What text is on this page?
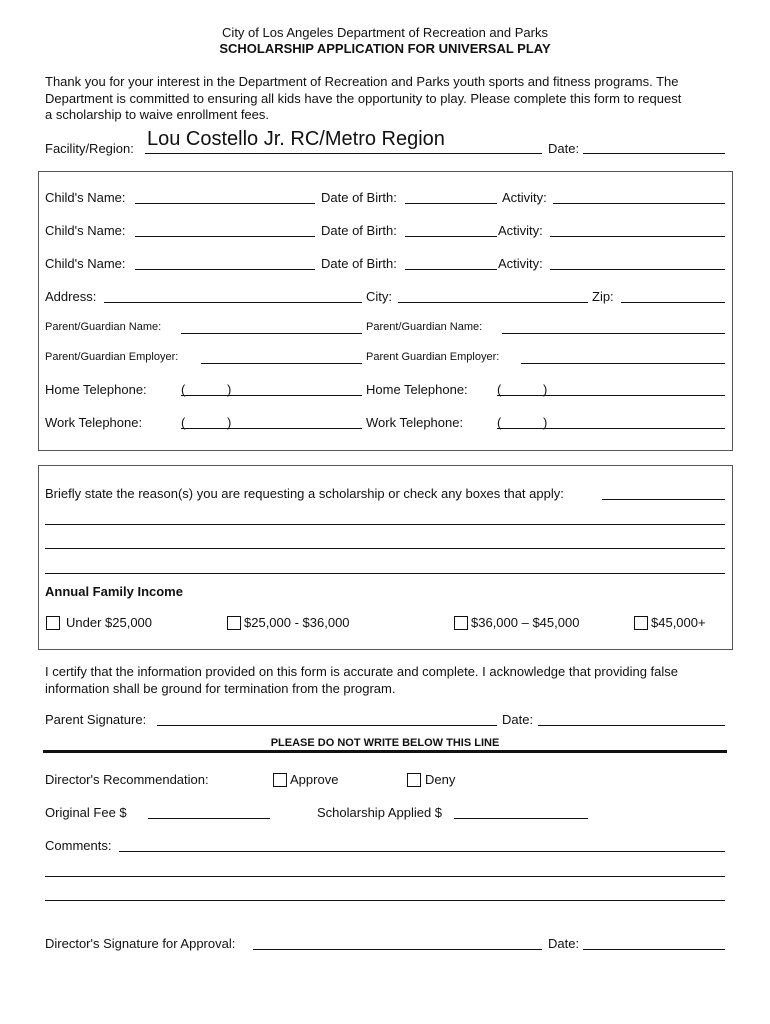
City of Los Angeles Department of Recreation and Parks
SCHOLARSHIP APPLICATION FOR UNIVERSAL PLAY
Thank you for your interest in the Department of Recreation and Parks youth sports and fitness programs. The
Department is committed to ensuring all kids have the opportunity to play. Please complete this form to request
a scholarship to waive enrollment fees.
Facility/Region: Lou Costello Jr. RC/Metro Region	Date:
Child's Name:	Date of Birth:	Activity:
Child's Name:	Date of Birth:	Activity:
Child's Name:	Date of Birth:	Activity:
Address:	City:	Zip:
Parent/Guardian Name:	Parent/Guardian Name:
Parent/Guardian Employer:	Parent Guardian Employer:
Home Telephone:	(	)	Home Telephone: (	)
Work Telephone:	(	)	Work Telephone:	(	)
Briefly state the reason(s) you are requesting a scholarship or check any boxes that apply:
Annual Family Income
Under $25,000	$25,000 - $36,000	$36,000 – $45,000	$45,000+
I certify that the information provided on this form is accurate and complete. I acknowledge that providing false
information shall be ground for termination from the program.
Parent Signature:	Date:
PLEASE DO NOT WRITE BELOW THIS LINE
Director's Recommendation:	Approve	Deny
Original Fee $	Scholarship Applied $
Comments:
Director's Signature for Approval:	Date:
